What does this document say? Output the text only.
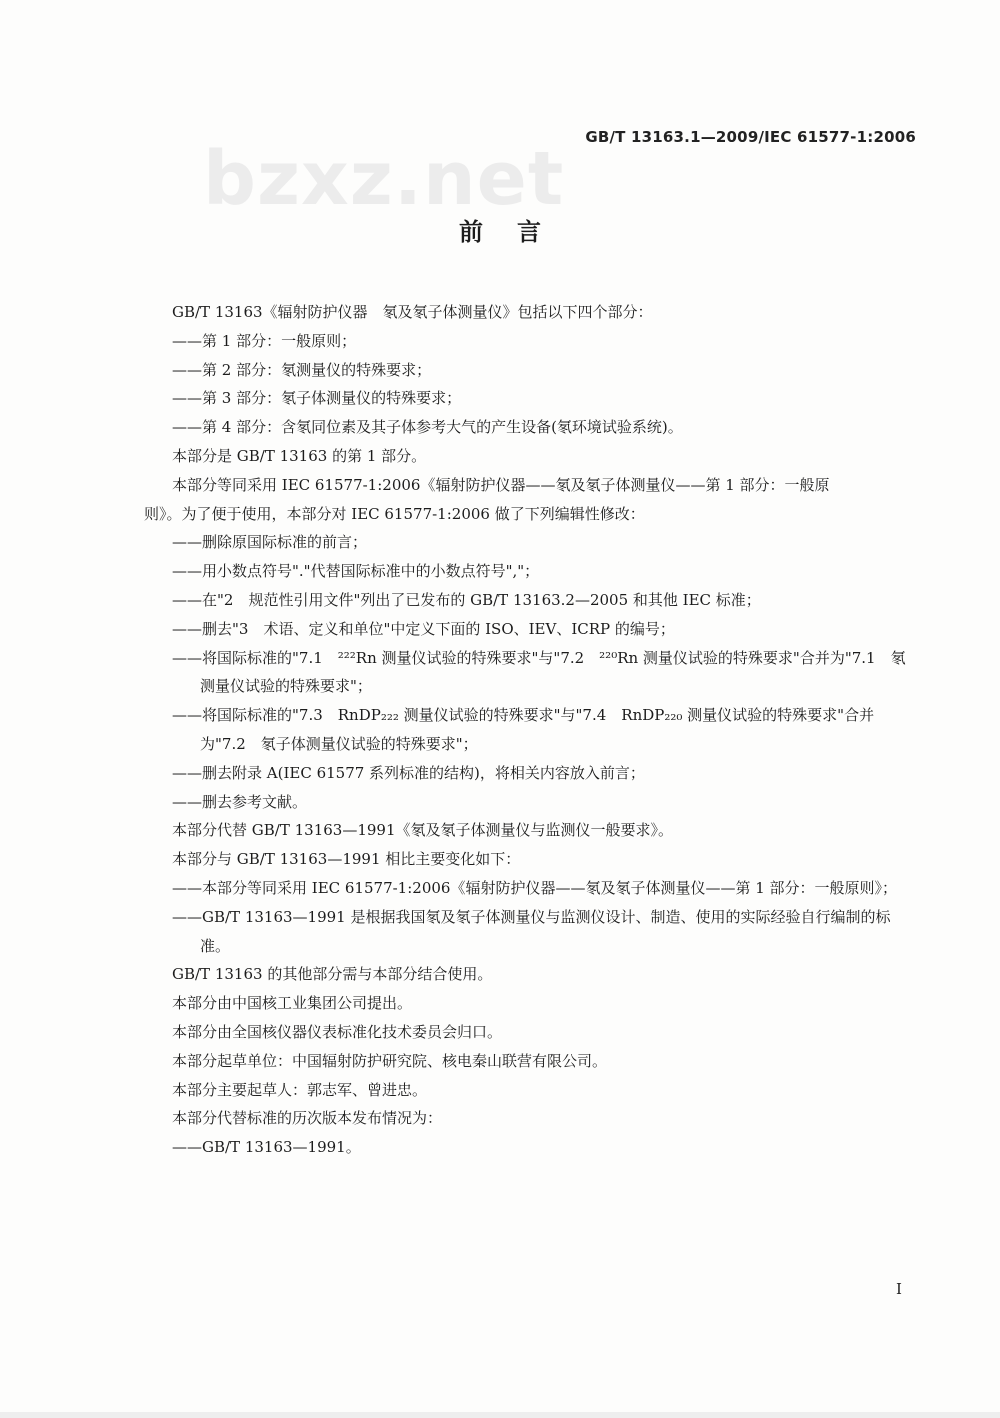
bzxz.net GB/T 13163.1—2009/IEC 61577-1:2006
前言
GB/T 13163《辐射防护仪器　氡及氡子体测量仪》包括以下四个部分：
——第 1 部分：一般原则；
——第 2 部分：氡测量仪的特殊要求；
——第 3 部分：氡子体测量仪的特殊要求；
——第 4 部分：含氡同位素及其子体参考大气的产生设备(氡环境试验系统)。
本部分是 GB/T 13163 的第 1 部分。
本部分等同采用 IEC 61577-1:2006《辐射防护仪器——氡及氡子体测量仪——第 1 部分：一般原
则》。为了便于使用，本部分对 IEC 61577-1:2006 做了下列编辑性修改：
——删除原国际标准的前言；
——用小数点符号"."代替国际标准中的小数点符号","；
——在"2　规范性引用文件"列出了已发布的 GB/T 13163.2—2005 和其他 IEC 标准；
——删去"3　术语、定义和单位"中定义下面的 ISO、IEV、ICRP 的编号；
——将国际标准的"7.1　²²²Rn 测量仪试验的特殊要求"与"7.2　²²⁰Rn 测量仪试验的特殊要求"合并为"7.1　氡测量仪试验的特殊要求"；
——将国际标准的"7.3　RnDP₂₂₂ 测量仪试验的特殊要求"与"7.4　RnDP₂₂₀ 测量仪试验的特殊要求"合并为"7.2　氡子体测量仪试验的特殊要求"；
——删去附录 A(IEC 61577 系列标准的结构)，将相关内容放入前言；
——删去参考文献。
本部分代替 GB/T 13163—1991《氡及氡子体测量仪与监测仪一般要求》。
本部分与 GB/T 13163—1991 相比主要变化如下：
——本部分等同采用 IEC 61577-1:2006《辐射防护仪器——氡及氡子体测量仪——第 1 部分：一般原则》；
——GB/T 13163—1991 是根据我国氡及氡子体测量仪与监测仪设计、制造、使用的实际经验自行编制的标准。
GB/T 13163 的其他部分需与本部分结合使用。
本部分由中国核工业集团公司提出。
本部分由全国核仪器仪表标准化技术委员会归口。
本部分起草单位：中国辐射防护研究院、核电秦山联营有限公司。
本部分主要起草人：郭志军、曾进忠。
本部分代替标准的历次版本发布情况为：
——GB/T 13163—1991。
I
